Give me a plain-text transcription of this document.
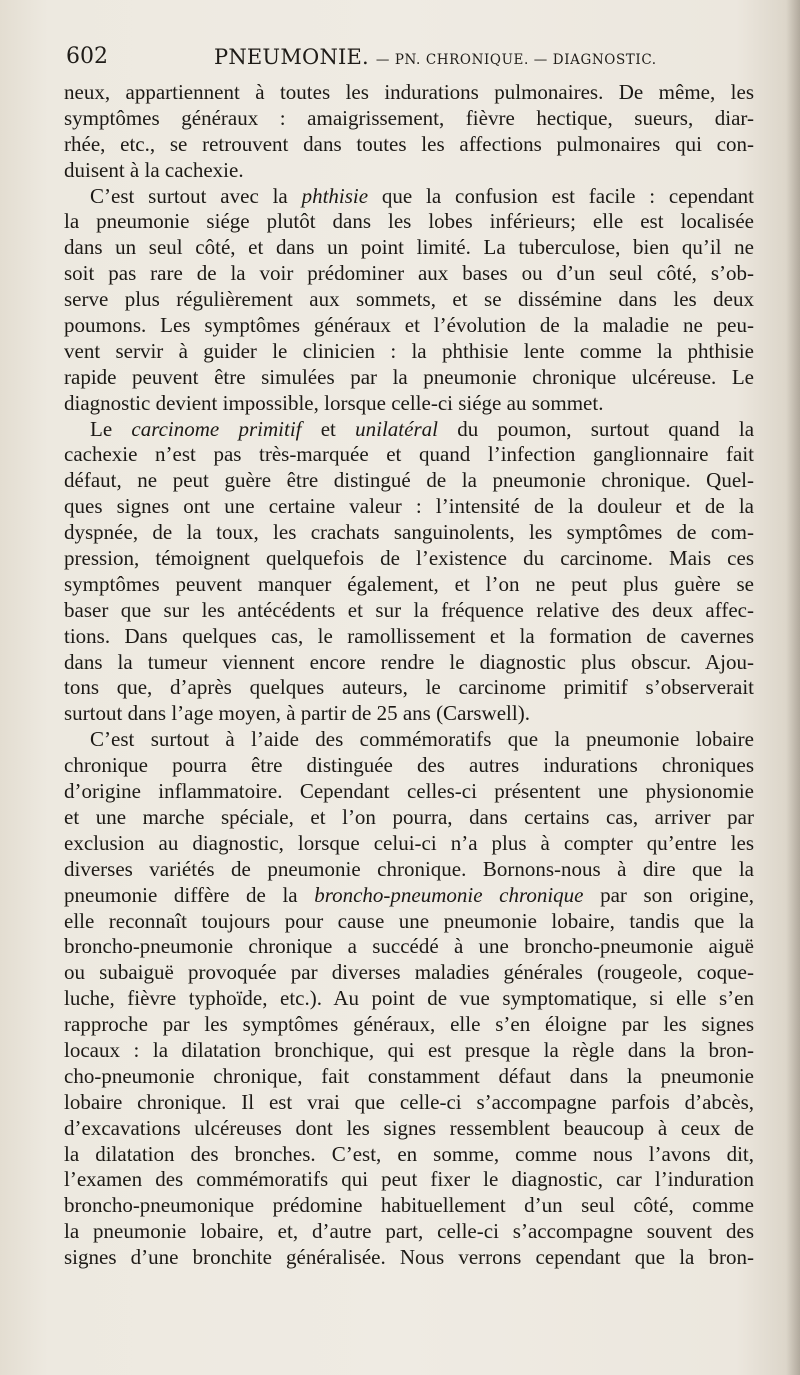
602	PNEUMONIE. — PN. CHRONIQUE. — DIAGNOSTIC.
neux, appartiennent à toutes les indurations pulmonaires. De même, les
symptômes généraux : amaigrissement, fièvre hectique, sueurs, diar-
rhée, etc., se retrouvent dans toutes les affections pulmonaires qui con-
duisent à la cachexie.
C’est surtout avec la phthisie que la confusion est facile : cependant
la pneumonie siége plutôt dans les lobes inférieurs; elle est localisée
dans un seul côté, et dans un point limité. La tuberculose, bien qu’il ne
soit pas rare de la voir prédominer aux bases ou d’un seul côté, s’ob-
serve plus régulièrement aux sommets, et se dissémine dans les deux
poumons. Les symptômes généraux et l’évolution de la maladie ne peu-
vent servir à guider le clinicien : la phthisie lente comme la phthisie
rapide peuvent être simulées par la pneumonie chronique ulcéreuse. Le
diagnostic devient impossible, lorsque celle-ci siége au sommet.
Le carcinome primitif et unilatéral du poumon, surtout quand la
cachexie n’est pas très-marquée et quand l’infection ganglionnaire fait
défaut, ne peut guère être distingué de la pneumonie chronique. Quel-
ques signes ont une certaine valeur : l’intensité de la douleur et de la
dyspnée, de la toux, les crachats sanguinolents, les symptômes de com-
pression, témoignent quelquefois de l’existence du carcinome. Mais ces
symptômes peuvent manquer également, et l’on ne peut plus guère se
baser que sur les antécédents et sur la fréquence relative des deux affec-
tions. Dans quelques cas, le ramollissement et la formation de cavernes
dans la tumeur viennent encore rendre le diagnostic plus obscur. Ajou-
tons que, d’après quelques auteurs, le carcinome primitif s’observerait
surtout dans l’age moyen, à partir de 25 ans (Carswell).
C’est surtout à l’aide des commémoratifs que la pneumonie lobaire
chronique pourra être distinguée des autres indurations chroniques
d’origine inflammatoire. Cependant celles-ci présentent une physionomie
et une marche spéciale, et l’on pourra, dans certains cas, arriver par
exclusion au diagnostic, lorsque celui-ci n’a plus à compter qu’entre les
diverses variétés de pneumonie chronique. Bornons-nous à dire que la
pneumonie diffère de la broncho-pneumonie chronique par son origine,
elle reconnaît toujours pour cause une pneumonie lobaire, tandis que la
broncho-pneumonie chronique a succédé à une broncho-pneumonie aiguë
ou subaiguë provoquée par diverses maladies générales (rougeole, coque-
luche, fièvre typhoïde, etc.). Au point de vue symptomatique, si elle s’en
rapproche par les symptômes généraux, elle s’en éloigne par les signes
locaux : la dilatation bronchique, qui est presque la règle dans la bron-
cho-pneumonie chronique, fait constamment défaut dans la pneumonie
lobaire chronique. Il est vrai que celle-ci s’accompagne parfois d’abcès,
d’excavations ulcéreuses dont les signes ressemblent beaucoup à ceux de
la dilatation des bronches. C’est, en somme, comme nous l’avons dit,
l’examen des commémoratifs qui peut fixer le diagnostic, car l’induration
broncho-pneumonique prédomine habituellement d’un seul côté, comme
la pneumonie lobaire, et, d’autre part, celle-ci s’accompagne souvent des
signes d’une bronchite généralisée. Nous verrons cependant que la bron-
